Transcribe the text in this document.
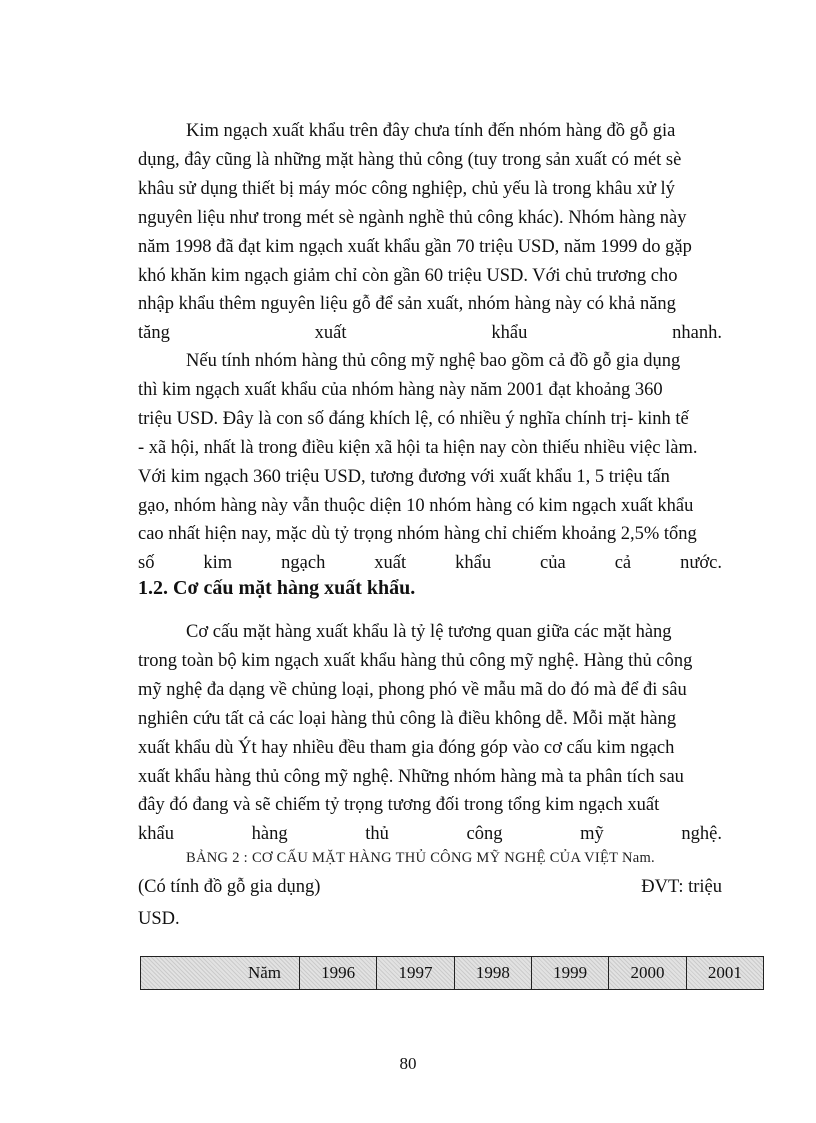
Kim ngạch xuất khẩu trên đây chưa tính đến nhóm hàng đồ gỗ gia
dụng, đây cũng là những mặt hàng thủ công (tuy trong sản xuất có mét sè
khâu sử dụng thiết bị máy móc công nghiệp, chủ yếu là trong khâu xử lý
nguyên liệu như trong mét sè ngành nghề thủ công khác). Nhóm hàng này
năm 1998 đã đạt kim ngạch xuất khẩu gần 70 triệu USD, năm 1999 do gặp
khó khăn kim ngạch giảm chỉ còn gần 60 triệu USD. Với chủ trương cho
nhập khẩu thêm nguyên liệu gỗ để sản xuất, nhóm hàng này có khả năng
tăng xuất khẩu nhanh.
Nếu tính nhóm hàng thủ công mỹ nghệ bao gồm cả đồ gỗ gia dụng
thì kim ngạch xuất khẩu của nhóm hàng này năm 2001 đạt khoảng 360
triệu USD. Đây là con số đáng khích lệ, có nhiều ý nghĩa chính trị- kinh tế
- xã hội, nhất là trong điều kiện xã hội ta hiện nay còn thiếu nhiều việc làm.
Với kim ngạch 360 triệu USD, tương đương với xuất khẩu 1, 5 triệu tấn
gạo, nhóm hàng này vẫn thuộc diện 10 nhóm hàng có kim ngạch xuất khẩu
cao nhất hiện nay, mặc dù tỷ trọng nhóm hàng chỉ chiếm khoảng 2,5% tổng
số kim ngạch xuất khẩu của cả nước.
1.2. Cơ cấu mặt hàng xuất khẩu.
Cơ cấu mặt hàng xuất khẩu là tỷ lệ tương quan giữa các mặt hàng
trong toàn bộ kim ngạch xuất khẩu hàng thủ công mỹ nghệ. Hàng thủ công
mỹ nghệ đa dạng về chủng loại, phong phó về mẫu mã do đó mà để đi sâu
nghiên cứu tất cả các loại hàng thủ công là điều không dễ. Mỗi mặt hàng
xuất khẩu dù Ýt hay nhiều đều tham gia đóng góp vào cơ cấu kim ngạch
xuất khẩu hàng thủ công mỹ nghệ. Những nhóm hàng mà ta phân tích sau
đây đó đang và sẽ chiếm tỷ trọng tương đối trong tổng kim ngạch xuất
khẩu hàng thủ công mỹ nghệ.
BẢNG 2 : CƠ CẤU MẶT HÀNG THỦ CÔNG MỸ NGHỆ CỦA VIỆT Nam.
(Có tính đồ gỗ gia dụng)	ĐVT: triệu
USD.
Năm	1996	1997	1998	1999	2000	2001
80
